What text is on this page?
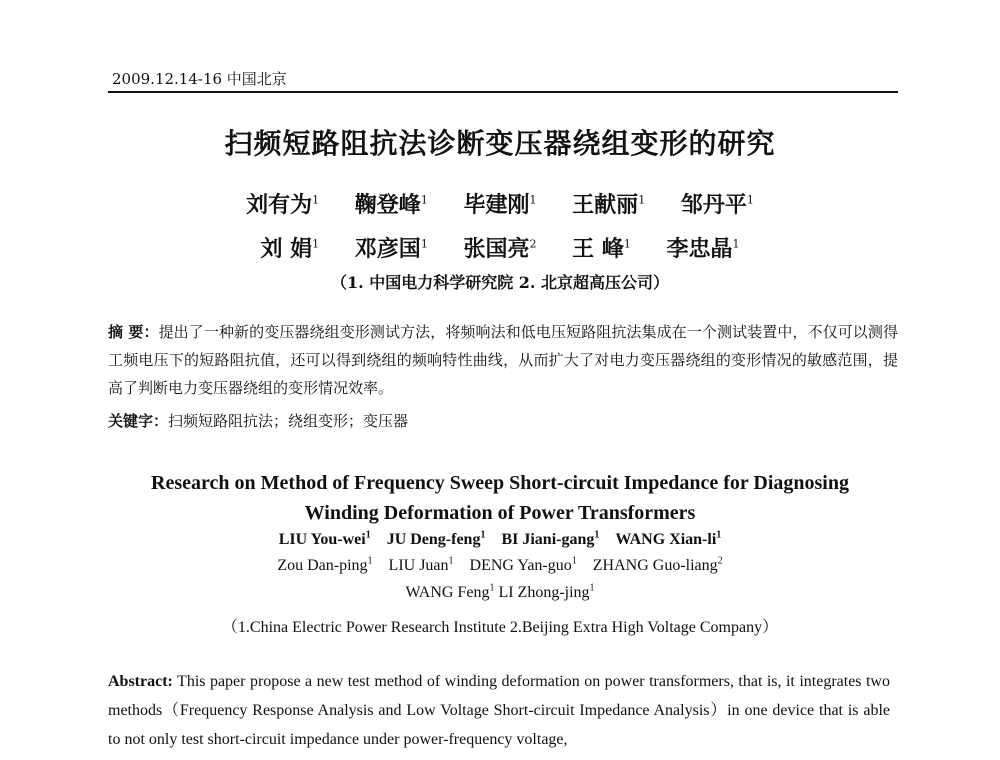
2009.12.14-16 中国北京
扫频短路阻抗法诊断变压器绕组变形的研究
刘有为$^1$ 鞠登峰$^1$ 毕建刚$^1$ 王献丽$^1$ 邹丹平$^1$
刘 娟$^1$ 邓彦国$^1$ 张国亮$^2$ 王 峰$^1$ 李忠晶$^1$
（1. 中国电力科学研究院 2. 北京超高压公司）
摘 要：提出了一种新的变压器绕组变形测试方法，将频响法和低电压短路阻抗法集成在一个测试装置中，不仅可以测得工频电压下的短路阻抗值，还可以得到绕组的频响特性曲线，从而扩大了对电力变压器绕组的变形情况的敏感范围，提高了判断电力变压器绕组的变形情况效率。
关键字：扫频短路阻抗法；绕组变形；变压器
Research on Method of Frequency Sweep Short-circuit Impedance for Diagnosing
Winding Deformation of Power Transformers
LIU You-wei$^1$ JU Deng-feng$^1$ BI Jiani-gang$^1$ WANG Xian-$li^1$
Zou Dan-ping$^1$ LIU Juan$^1$ DENG Yan-guo$^1$ ZHANG Guo-liang$^2$
WANG Feng$^1$ LI Zhong-jing$^1$
（1.China Electric Power Research Institute 2.Beijing Extra High Voltage Company）
Abstract: This paper propose a new test method of winding deformation on power transformers, that is, it integrates two methods（Frequency Response Analysis and Low Voltage Short-circuit Impedance Analysis）in one device that is able to not only test short-circuit impedance under power-frequency voltage,
